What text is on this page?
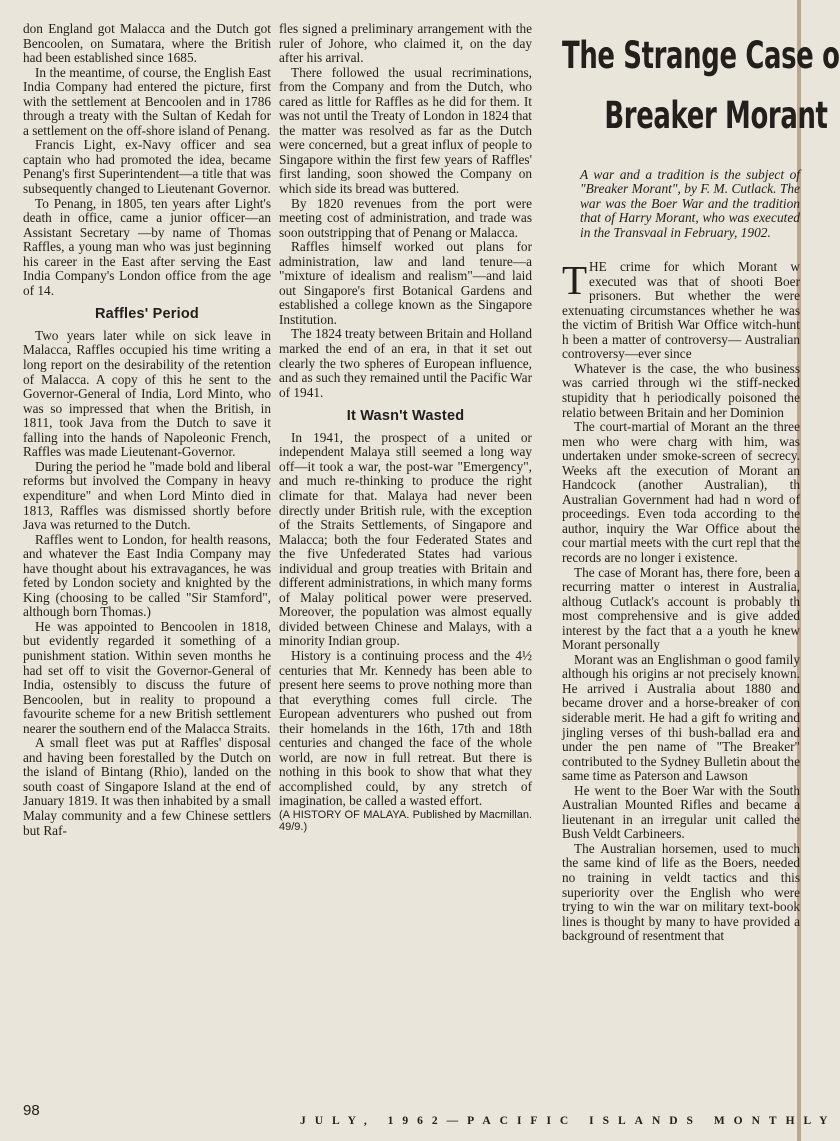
don England got Malacca and the Dutch got Bencoolen, on Sumatara, where the British had been established since 1685.

In the meantime, of course, the English East India Company had entered the picture, first with the settlement at Bencoolen and in 1786 through a treaty with the Sultan of Kedah for a settlement on the off-shore island of Penang.

Francis Light, ex-Navy officer and sea captain who had promoted the idea, became Penang's first Superintendent—a title that was subsequently changed to Lieutenant Governor.

To Penang, in 1805, ten years after Light's death in office, came a junior officer—an Assistant Secretary —by name of Thomas Raffles, a young man who was just beginning his career in the East after serving the East India Company's London office from the age of 14.

Raffles' Period

Two years later while on sick leave in Malacca, Raffles occupied his time writing a long report on the desirability of the retention of Malacca. A copy of this he sent to the Governor-General of India, Lord Minto, who was so impressed that when the British, in 1811, took Java from the Dutch to save it falling into the hands of Napoleonic French, Raffles was made Lieutenant-Governor.

During the period he "made bold and liberal reforms but involved the Company in heavy expenditure" and when Lord Minto died in 1813, Raffles was dismissed shortly before Java was returned to the Dutch.

Raffles went to London, for health reasons, and whatever the East India Company may have thought about his extravagances, he was feted by London society and knighted by the King (choosing to be called "Sir Stamford", although born Thomas.)

He was appointed to Bencoolen in 1818, but evidently regarded it something of a punishment station. Within seven months he had set off to visit the Governor-General of India, ostensibly to discuss the future of Bencoolen, but in reality to propound a favourite scheme for a new British settlement nearer the southern end of the Malacca Straits.

A small fleet was put at Raffles' disposal and having been forestalled by the Dutch on the island of Bintang (Rhio), landed on the south coast of Singapore Island at the end of January 1819. It was then inhabited by a small Malay community and a few Chinese settlers but Raf-

fles signed a preliminary arrangement with the ruler of Johore, who claimed it, on the day after his arrival.

There followed the usual recriminations, from the Company and from the Dutch, who cared as little for Raffles as he did for them. It was not until the Treaty of London in 1824 that the matter was resolved as far as the Dutch were concerned, but a great influx of people to Singapore within the first few years of Raffles' first landing, soon showed the Company on which side its bread was buttered.

By 1820 revenues from the port were meeting cost of administration, and trade was soon outstripping that of Penang or Malacca.

Raffles himself worked out plans for administration, law and land tenure—a "mixture of idealism and realism"—and laid out Singapore's first Botanical Gardens and established a college known as the Singapore Institution.

The 1824 treaty between Britain and Holland marked the end of an era, in that it set out clearly the two spheres of European influence, and as such they remained until the Pacific War of 1941.

It Wasn't Wasted

In 1941, the prospect of a united or independent Malaya still seemed a long way off—it took a war, the post-war "Emergency", and much re-thinking to produce the right climate for that. Malaya had never been directly under British rule, with the exception of the Straits Settlements, of Singapore and Malacca; both the four Federated States and the five Unfederated States had various individual and group treaties with Britain and different administrations, in which many forms of Malay political power were preserved. Moreover, the population was almost equally divided between Chinese and Malays, with a minority Indian group.

History is a continuing process and the 4½ centuries that Mr. Kennedy has been able to present here seems to prove nothing more than that everything comes full circle. The European adventurers who pushed out from their homelands in the 16th, 17th and 18th centuries and changed the face of the whole world, are now in full retreat. But there is nothing in this book to show that what they accomplished could, by any stretch of imagination, be called a wasted effort.

(A HISTORY OF MALAYA. Published by Macmillan. 49/9.)

The Strange Case o
Breaker Morant
A war and a tradition is the subject of "Breaker Morant", by F. M. Cutlack. The war was the Boer War and the tradition that of Harry Morant, who was executed in the Transvaal in February, 1902.

THE crime for which Morant w executed was that of shooti Boer prisoners. But whether the were extenuating circumstances whether he was the victim of British War Office witch-hunt h been a matter of controversy— Australian controversy—ever since

Whatever is the case, the who business was carried through wi the stiff-necked stupidity that h periodically poisoned the relatio between Britain and her Dominion

The court-martial of Morant an the three men who were charg with him, was undertaken under smoke-screen of secrecy. Weeks aft the execution of Morant an Handcock (another Australian), th Australian Government had had n word of proceedings. Even toda according to the author, inquiry the War Office about the cour martial meets with the curt repl that the records are no longer i existence.

The case of Morant has, there fore, been a recurring matter o interest in Australia, althoug Cutlack's account is probably th most comprehensive and is give added interest by the fact that a a youth he knew Morant personally

Morant was an Englishman o good family although his origins ar not precisely known. He arrived i Australia about 1880 and became drover and a horse-breaker of con siderable merit. He had a gift fo writing and jingling verses of thi bush-ballad era and under the pen name of "The Breaker" contributed to the Sydney Bulletin about the same time as Paterson and Lawson

He went to the Boer War with the South Australian Mounted Rifles and became a lieutenant in an irregular unit called the Bush Veldt Carbineers.

The Australian horsemen, used to much the same kind of life as the Boers, needed no training in veldt tactics and this superiority over the English who were trying to win the war on military text-book lines is thought by many to have provided a background of resentment that

98
JULY, 1962—PACIFIC ISLANDS MONTHLY
